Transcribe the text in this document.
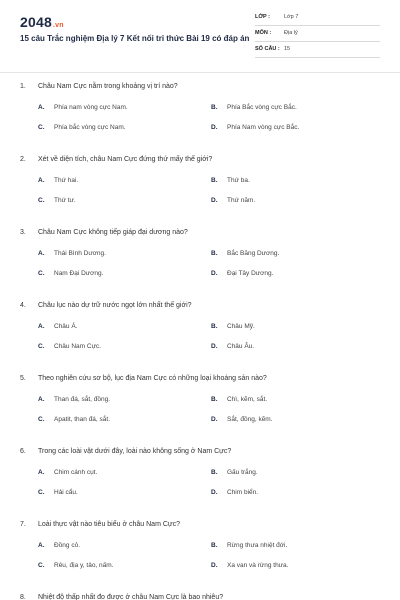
2048.vn
15 câu Trắc nghiệm Địa lý 7 Kết nối tri thức Bài 19 có đáp án
LỚP :	Lớp 7
MÔN : Địa lý
SỐ CÂU : 15
1. Châu Nam Cực nằm trong khoảng vị trí nào?
A. Phía nam vòng cực Nam.	B. Phía Bắc vòng cực Bắc.
C. Phía bắc vòng cực Nam.	D. Phía Nam vòng cực Bắc.
2. Xét về diện tích, châu Nam Cực đứng thứ mấy thế giới?
A. Thứ hai.	B. Thứ ba.
C. Thứ tư.	D. Thứ năm.
3. Châu Nam Cực không tiếp giáp đại dương nào?
A. Thái Bình Dương.	B. Bắc Băng Dương.
C. Nam Đại Dương.	D. Đại Tây Dương.
4. Châu lục nào dự trữ nước ngọt lớn nhất thế giới?
A. Châu Á.	B. Châu Mỹ.
C. Châu Nam Cực.	D. Châu Âu.
5. Theo nghiên cứu sơ bộ, lục địa Nam Cực có những loại khoáng sản nào?
A. Than đá, sắt, đồng.	B. Chì, kẽm, sắt.
C. Apatit, than đá, sắt.	D. Sắt, đồng, kẽm.
6. Trong các loài vật dưới đây, loài nào không sống ở Nam Cực?
A. Chim cánh cụt.	B. Gấu trắng.
C. Hải cẩu.	D. Chim biển.
7. Loài thực vật nào tiêu biểu ở châu Nam Cực?
A. Đồng cỏ.	B. Rừng thưa nhiệt đới.
C. Rêu, địa y, tảo, nấm.	D. Xa van và rừng thưa.
8. Nhiệt độ thấp nhất đo được ở châu Nam Cực là bao nhiêu?
